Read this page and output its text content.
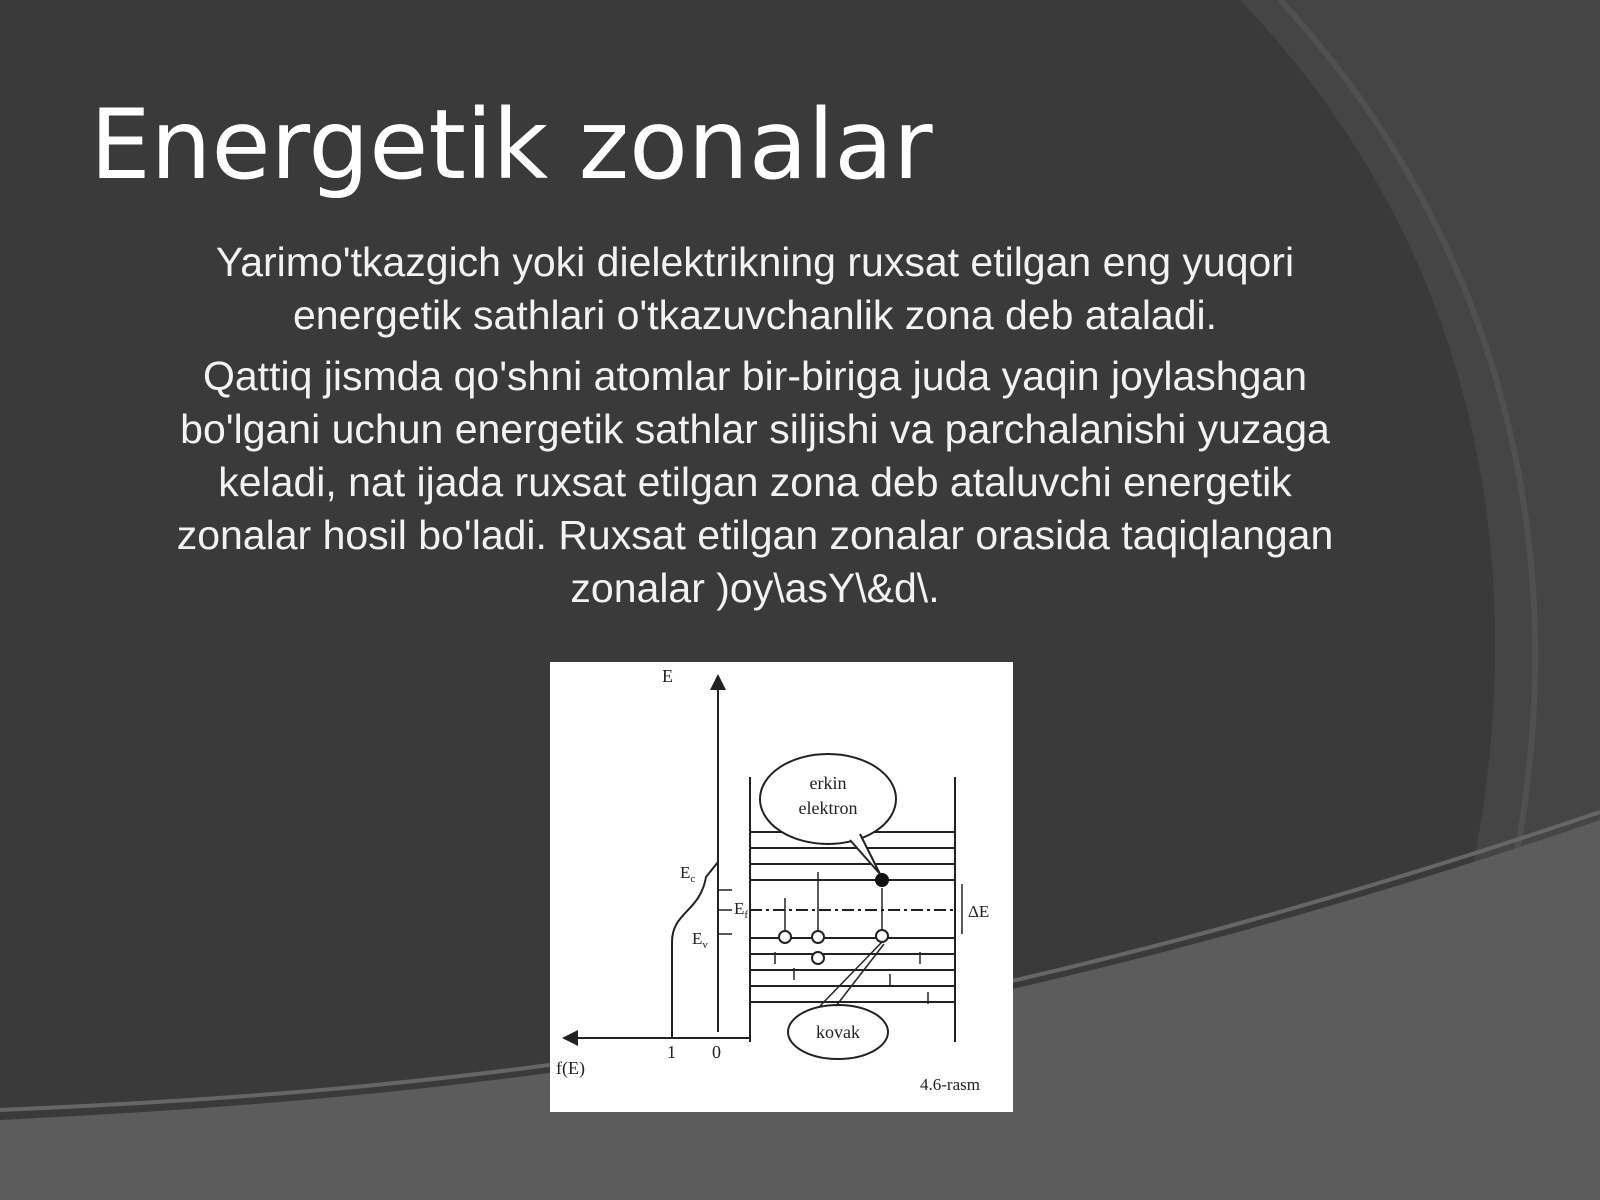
Energetik zonalar
Yarimo'tkazgich yoki dielektrikning ruxsat etilgan eng yuqori energetik sathlari o'tkazuvchanlik zona deb ataladi.
Qattiq jismda qo'shni atomlar bir-biriga juda yaqin joylashgan bo'lgani uchun energetik sathlar siljishi va parchalanishi yuzaga keladi, nat ijada ruxsat etilgan zona deb ataluvchi energetik zonalar hosil bo'ladi. Ruxsat etilgan zonalar orasida taqiqlangan zonalar )oy\asY\&d\.
E
f(E)
1 0
$E_c$
$E_f$
$E_v$
ΔE
erkin
elektron
kovak
4.6-rasm
